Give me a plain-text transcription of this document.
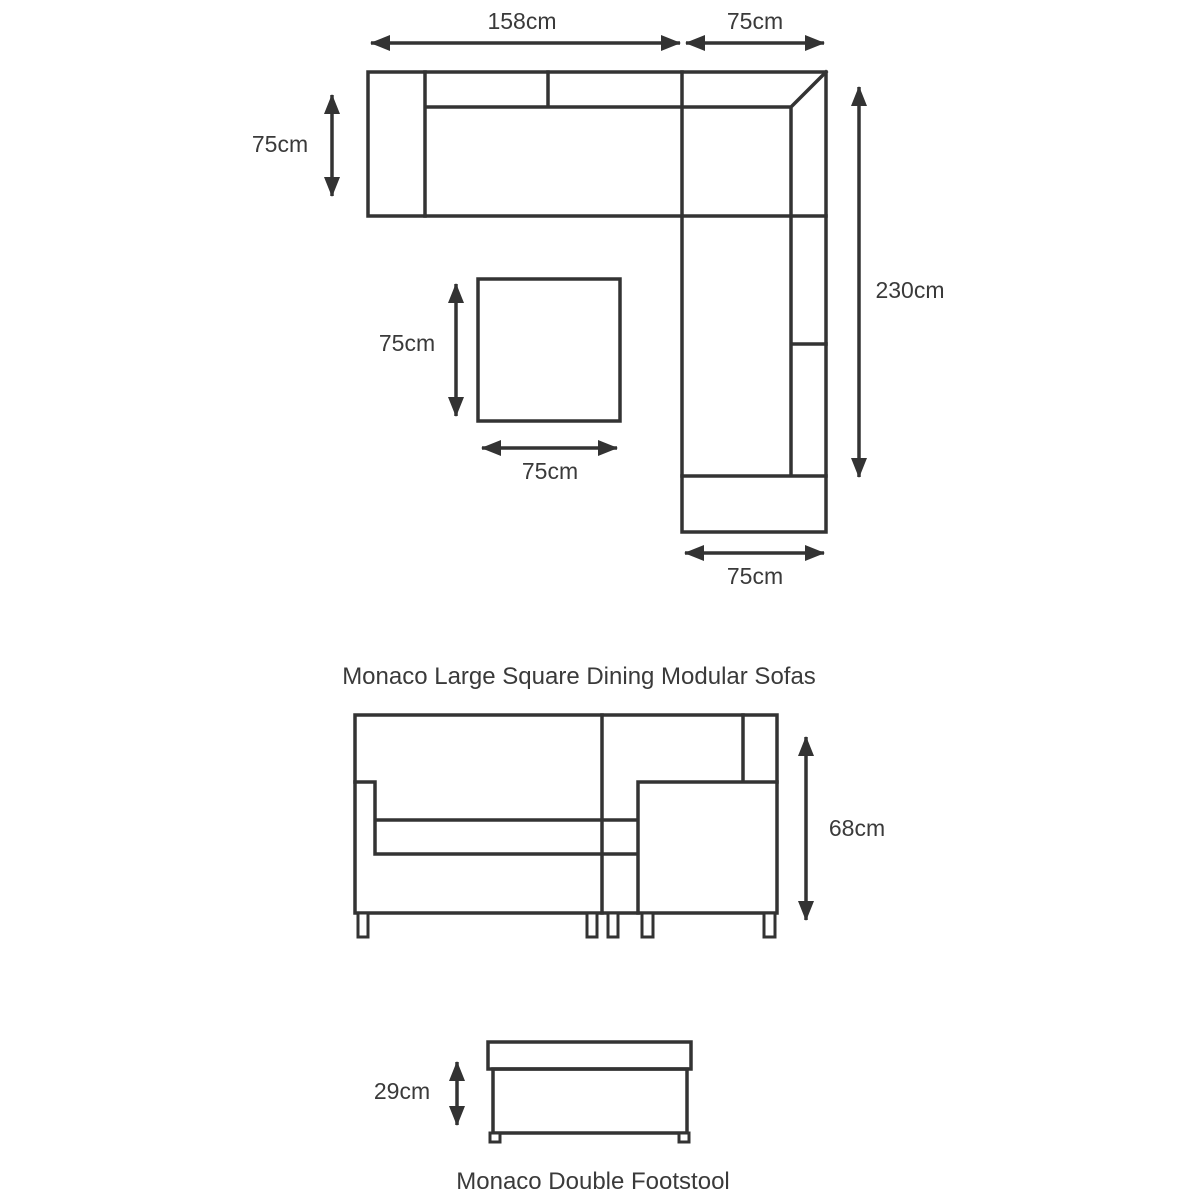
158cm	75cm
75cm
230cm
75cm
75cm
75cm
Monaco Large Square Dining Modular Sofas
68cm
29cm
Monaco Double Footstool
